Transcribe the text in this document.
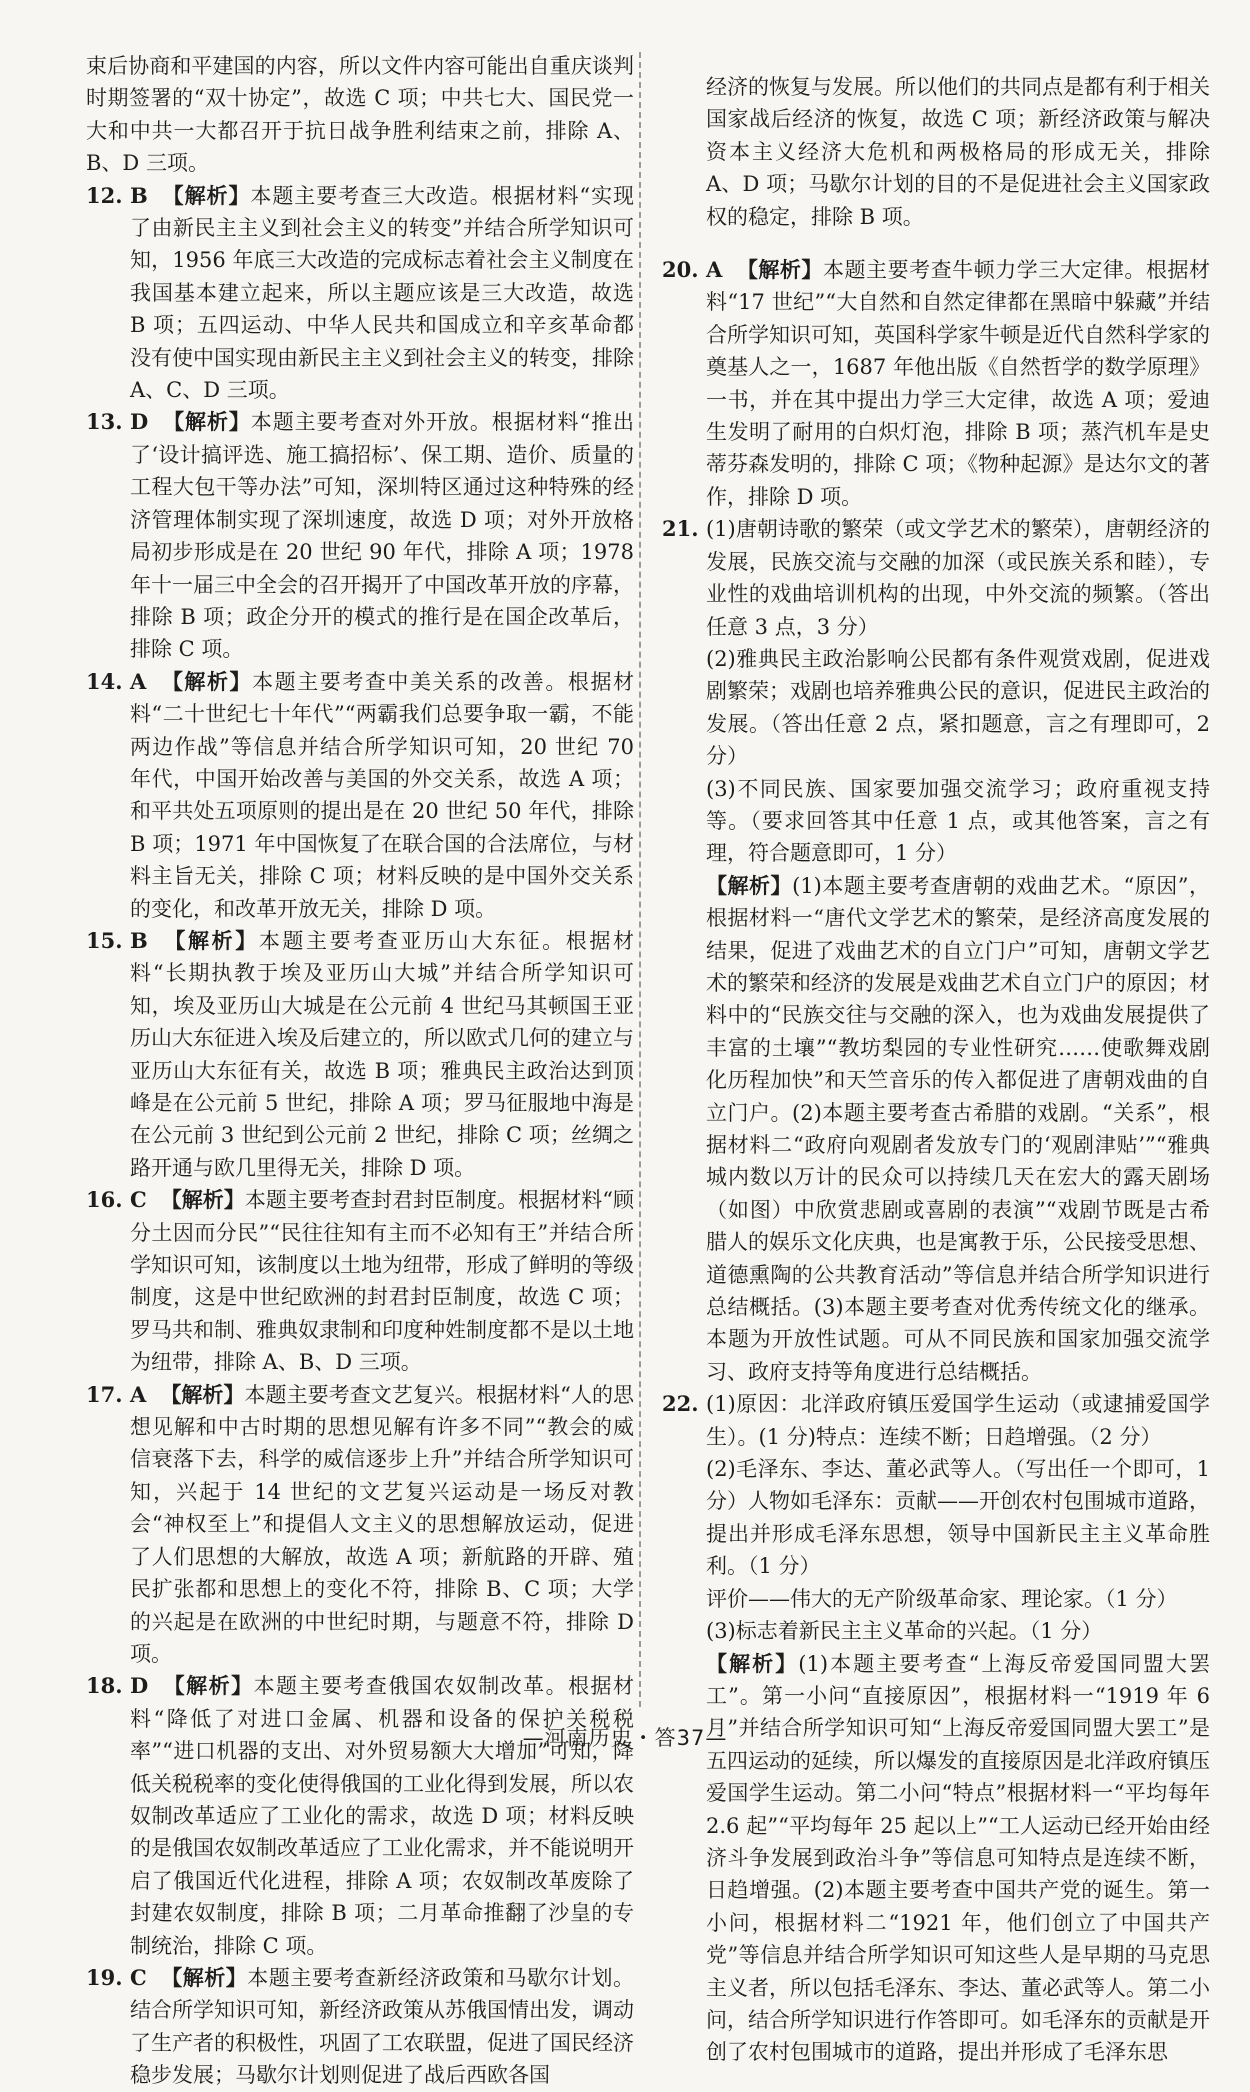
束后协商和平建国的内容，所以文件内容可能出自重庆谈判时期签署的“双十协定”，故选 C 项；中共七大、国民党一大和中共一大都召开于抗日战争胜利结束之前，排除 A、B、D 三项。

12. B 【解析】本题主要考查三大改造。根据材料“实现了由新民主主义到社会主义的转变”并结合所学知识可知，1956 年底三大改造的完成标志着社会主义制度在我国基本建立起来，所以主题应该是三大改造，故选 B 项；五四运动、中华人民共和国成立和辛亥革命都没有使中国实现由新民主主义到社会主义的转变，排除 A、C、D 三项。

13. D 【解析】本题主要考查对外开放。根据材料“推出了‘设计搞评选、施工搞招标’、保工期、造价、质量的工程大包干等办法”可知，深圳特区通过这种特殊的经济管理体制实现了深圳速度，故选 D 项；对外开放格局初步形成是在 20 世纪 90 年代，排除 A 项；1978 年十一届三中全会的召开揭开了中国改革开放的序幕，排除 B 项；政企分开的模式的推行是在国企改革后，排除 C 项。

14. A 【解析】本题主要考查中美关系的改善。根据材料“二十世纪七十年代”“两霸我们总要争取一霸，不能两边作战”等信息并结合所学知识可知，20 世纪 70 年代，中国开始改善与美国的外交关系，故选 A 项；和平共处五项原则的提出是在 20 世纪 50 年代，排除 B 项；1971 年中国恢复了在联合国的合法席位，与材料主旨无关，排除 C 项；材料反映的是中国外交关系的变化，和改革开放无关，排除 D 项。

15. B 【解析】本题主要考查亚历山大东征。根据材料“长期执教于埃及亚历山大城”并结合所学知识可知，埃及亚历山大城是在公元前 4 世纪马其顿国王亚历山大东征进入埃及后建立的，所以欧式几何的建立与亚历山大东征有关，故选 B 项；雅典民主政治达到顶峰是在公元前 5 世纪，排除 A 项；罗马征服地中海是在公元前 3 世纪到公元前 2 世纪，排除 C 项；丝绸之路开通与欧几里得无关，排除 D 项。

16. C 【解析】本题主要考查封君封臣制度。根据材料“顾分土因而分民”“民往往知有主而不必知有王”并结合所学知识可知，该制度以土地为纽带，形成了鲜明的等级制度，这是中世纪欧洲的封君封臣制度，故选 C 项；罗马共和制、雅典奴隶制和印度种姓制度都不是以土地为纽带，排除 A、B、D 三项。

17. A 【解析】本题主要考查文艺复兴。根据材料“人的思想见解和中古时期的思想见解有许多不同”“教会的威信衰落下去，科学的威信逐步上升”并结合所学知识可知，兴起于 14 世纪的文艺复兴运动是一场反对教会“神权至上”和提倡人文主义的思想解放运动，促进了人们思想的大解放，故选 A 项；新航路的开辟、殖民扩张都和思想上的变化不符，排除 B、C 项；大学的兴起是在欧洲的中世纪时期，与题意不符，排除 D 项。

18. D 【解析】本题主要考查俄国农奴制改革。根据材料“降低了对进口金属、机器和设备的保护关税税率”“进口机器的支出、对外贸易额大大增加”可知，降低关税税率的变化使得俄国的工业化得到发展，所以农奴制改革适应了工业化的需求，故选 D 项；材料反映的是俄国农奴制改革适应了工业化需求，并不能说明开启了俄国近代化进程，排除 A 项；农奴制改革废除了封建农奴制度，排除 B 项；二月革命推翻了沙皇的专制统治，排除 C 项。

19. C 【解析】本题主要考查新经济政策和马歇尔计划。结合所学知识可知，新经济政策从苏俄国情出发，调动了生产者的积极性，巩固了工农联盟，促进了国民经济稳步发展；马歇尔计划则促进了战后西欧各国

经济的恢复与发展。所以他们的共同点是都有利于相关国家战后经济的恢复，故选 C 项；新经济政策与解决资本主义经济大危机和两极格局的形成无关，排除 A、D 项；马歇尔计划的目的不是促进社会主义国家政权的稳定，排除 B 项。

20. A 【解析】本题主要考查牛顿力学三大定律。根据材料“17 世纪”“大自然和自然定律都在黑暗中躲藏”并结合所学知识可知，英国科学家牛顿是近代自然科学家的奠基人之一，1687 年他出版《自然哲学的数学原理》一书，并在其中提出力学三大定律，故选 A 项；爱迪生发明了耐用的白炽灯泡，排除 B 项；蒸汽机车是史蒂芬森发明的，排除 C 项；《物种起源》是达尔文的著作，排除 D 项。

21. (1)唐朝诗歌的繁荣（或文学艺术的繁荣），唐朝经济的发展，民族交流与交融的加深（或民族关系和睦），专业性的戏曲培训机构的出现，中外交流的频繁。（答出任意 3 点，3 分）
(2)雅典民主政治影响公民都有条件观赏戏剧，促进戏剧繁荣；戏剧也培养雅典公民的意识，促进民主政治的发展。（答出任意 2 点，紧扣题意，言之有理即可，2 分）
(3)不同民族、国家要加强交流学习；政府重视支持等。（要求回答其中任意 1 点，或其他答案，言之有理，符合题意即可，1 分）
【解析】(1)本题主要考查唐朝的戏曲艺术。“原因”，根据材料一“唐代文学艺术的繁荣，是经济高度发展的结果，促进了戏曲艺术的自立门户”可知，唐朝文学艺术的繁荣和经济的发展是戏曲艺术自立门户的原因；材料中的“民族交往与交融的深入，也为戏曲发展提供了丰富的土壤”“教坊梨园的专业性研究……使歌舞戏剧化历程加快”和天竺音乐的传入都促进了唐朝戏曲的自立门户。(2)本题主要考查古希腊的戏剧。“关系”，根据材料二“政府向观剧者发放专门的‘观剧津贴’”“雅典城内数以万计的民众可以持续几天在宏大的露天剧场（如图）中欣赏悲剧或喜剧的表演”“戏剧节既是古希腊人的娱乐文化庆典，也是寓教于乐，公民接受思想、道德熏陶的公共教育活动”等信息并结合所学知识进行总结概括。(3)本题主要考查对优秀传统文化的继承。本题为开放性试题。可从不同民族和国家加强交流学习、政府支持等角度进行总结概括。
22. (1)原因：北洋政府镇压爱国学生运动（或逮捕爱国学生）。(1 分)特点：连续不断；日趋增强。（2 分）
(2)毛泽东、李达、董必武等人。（写出任一个即可，1 分）人物如毛泽东：贡献——开创农村包围城市道路，提出并形成毛泽东思想，领导中国新民主主义革命胜利。（1 分）
评价——伟大的无产阶级革命家、理论家。（1 分）
(3)标志着新民主主义革命的兴起。（1 分）
【解析】(1)本题主要考查“上海反帝爱国同盟大罢工”。第一小问“直接原因”，根据材料一“1919 年 6 月”并结合所学知识可知“上海反帝爱国同盟大罢工”是五四运动的延续，所以爆发的直接原因是北洋政府镇压爱国学生运动。第二小问“特点”根据材料一“平均每年 2.6 起”“平均每年 25 起以上”“工人运动已经开始由经济斗争发展到政治斗争”等信息可知特点是连续不断，日趋增强。(2)本题主要考查中国共产党的诞生。第一小问，根据材料二“1921 年，他们创立了中国共产党”等信息并结合所学知识可知这些人是早期的马克思主义者，所以包括毛泽东、李达、董必武等人。第二小问，结合所学知识进行作答即可。如毛泽东的贡献是开创了农村包围城市的道路，提出并形成了毛泽东思
—河南历史・答37—
